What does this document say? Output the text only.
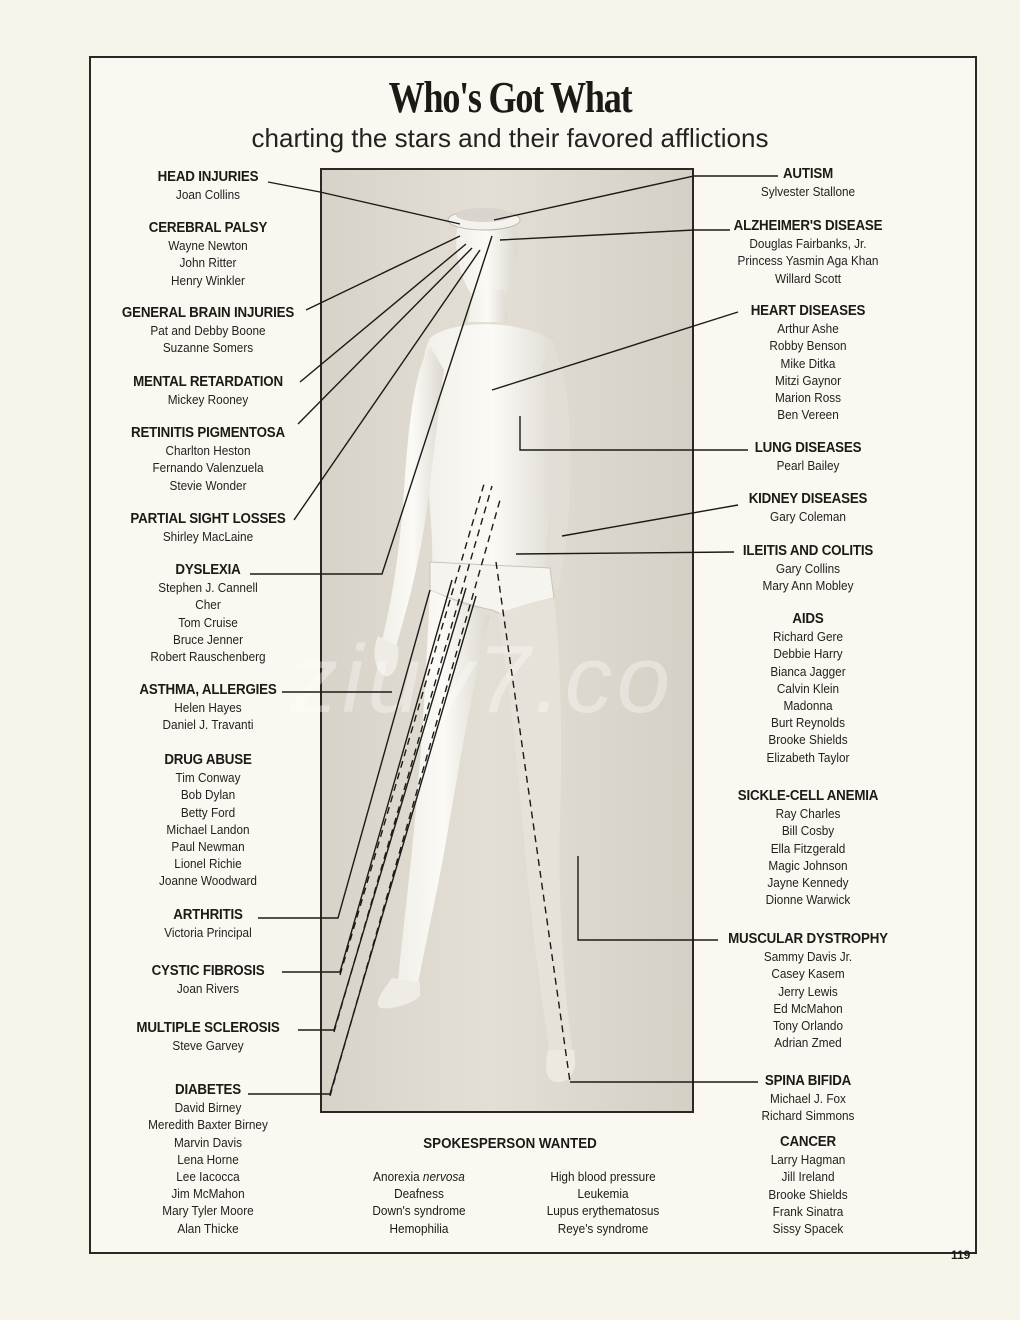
Who's Got What
charting the stars and their favored afflictions
ziuy7.co
SPOKESPERSON WANTED
Anorexia nervosa
Deafness
Down's syndrome
Hemophilia
High blood pressure
Leukemia
Lupus erythematosus
Reye's syndrome
119
HEAD INJURIES
Joan Collins
CEREBRAL PALSY
Wayne Newton
John Ritter
Henry Winkler
GENERAL BRAIN INJURIES
Pat and Debby Boone
Suzanne Somers
MENTAL RETARDATION
Mickey Rooney
RETINITIS PIGMENTOSA
Charlton Heston
Fernando Valenzuela
Stevie Wonder
PARTIAL SIGHT LOSSES
Shirley MacLaine
DYSLEXIA
Stephen J. Cannell
Cher
Tom Cruise
Bruce Jenner
Robert Rauschenberg
ASTHMA, ALLERGIES
Helen Hayes
Daniel J. Travanti
DRUG ABUSE
Tim Conway
Bob Dylan
Betty Ford
Michael Landon
Paul Newman
Lionel Richie
Joanne Woodward
ARTHRITIS
Victoria Principal
CYSTIC FIBROSIS
Joan Rivers
MULTIPLE SCLEROSIS
Steve Garvey
DIABETES
David Birney
Meredith Baxter Birney
Marvin Davis
Lena Horne
Lee Iacocca
Jim McMahon
Mary Tyler Moore
Alan Thicke
AUTISM
Sylvester Stallone
ALZHEIMER'S DISEASE
Douglas Fairbanks, Jr.
Princess Yasmin Aga Khan
Willard Scott
HEART DISEASES
Arthur Ashe
Robby Benson
Mike Ditka
Mitzi Gaynor
Marion Ross
Ben Vereen
LUNG DISEASES
Pearl Bailey
KIDNEY DISEASES
Gary Coleman
ILEITIS AND COLITIS
Gary Collins
Mary Ann Mobley
AIDS
Richard Gere
Debbie Harry
Bianca Jagger
Calvin Klein
Madonna
Burt Reynolds
Brooke Shields
Elizabeth Taylor
SICKLE-CELL ANEMIA
Ray Charles
Bill Cosby
Ella Fitzgerald
Magic Johnson
Jayne Kennedy
Dionne Warwick
MUSCULAR DYSTROPHY
Sammy Davis Jr.
Casey Kasem
Jerry Lewis
Ed McMahon
Tony Orlando
Adrian Zmed
SPINA BIFIDA
Michael J. Fox
Richard Simmons
CANCER
Larry Hagman
Jill Ireland
Brooke Shields
Frank Sinatra
Sissy Spacek
